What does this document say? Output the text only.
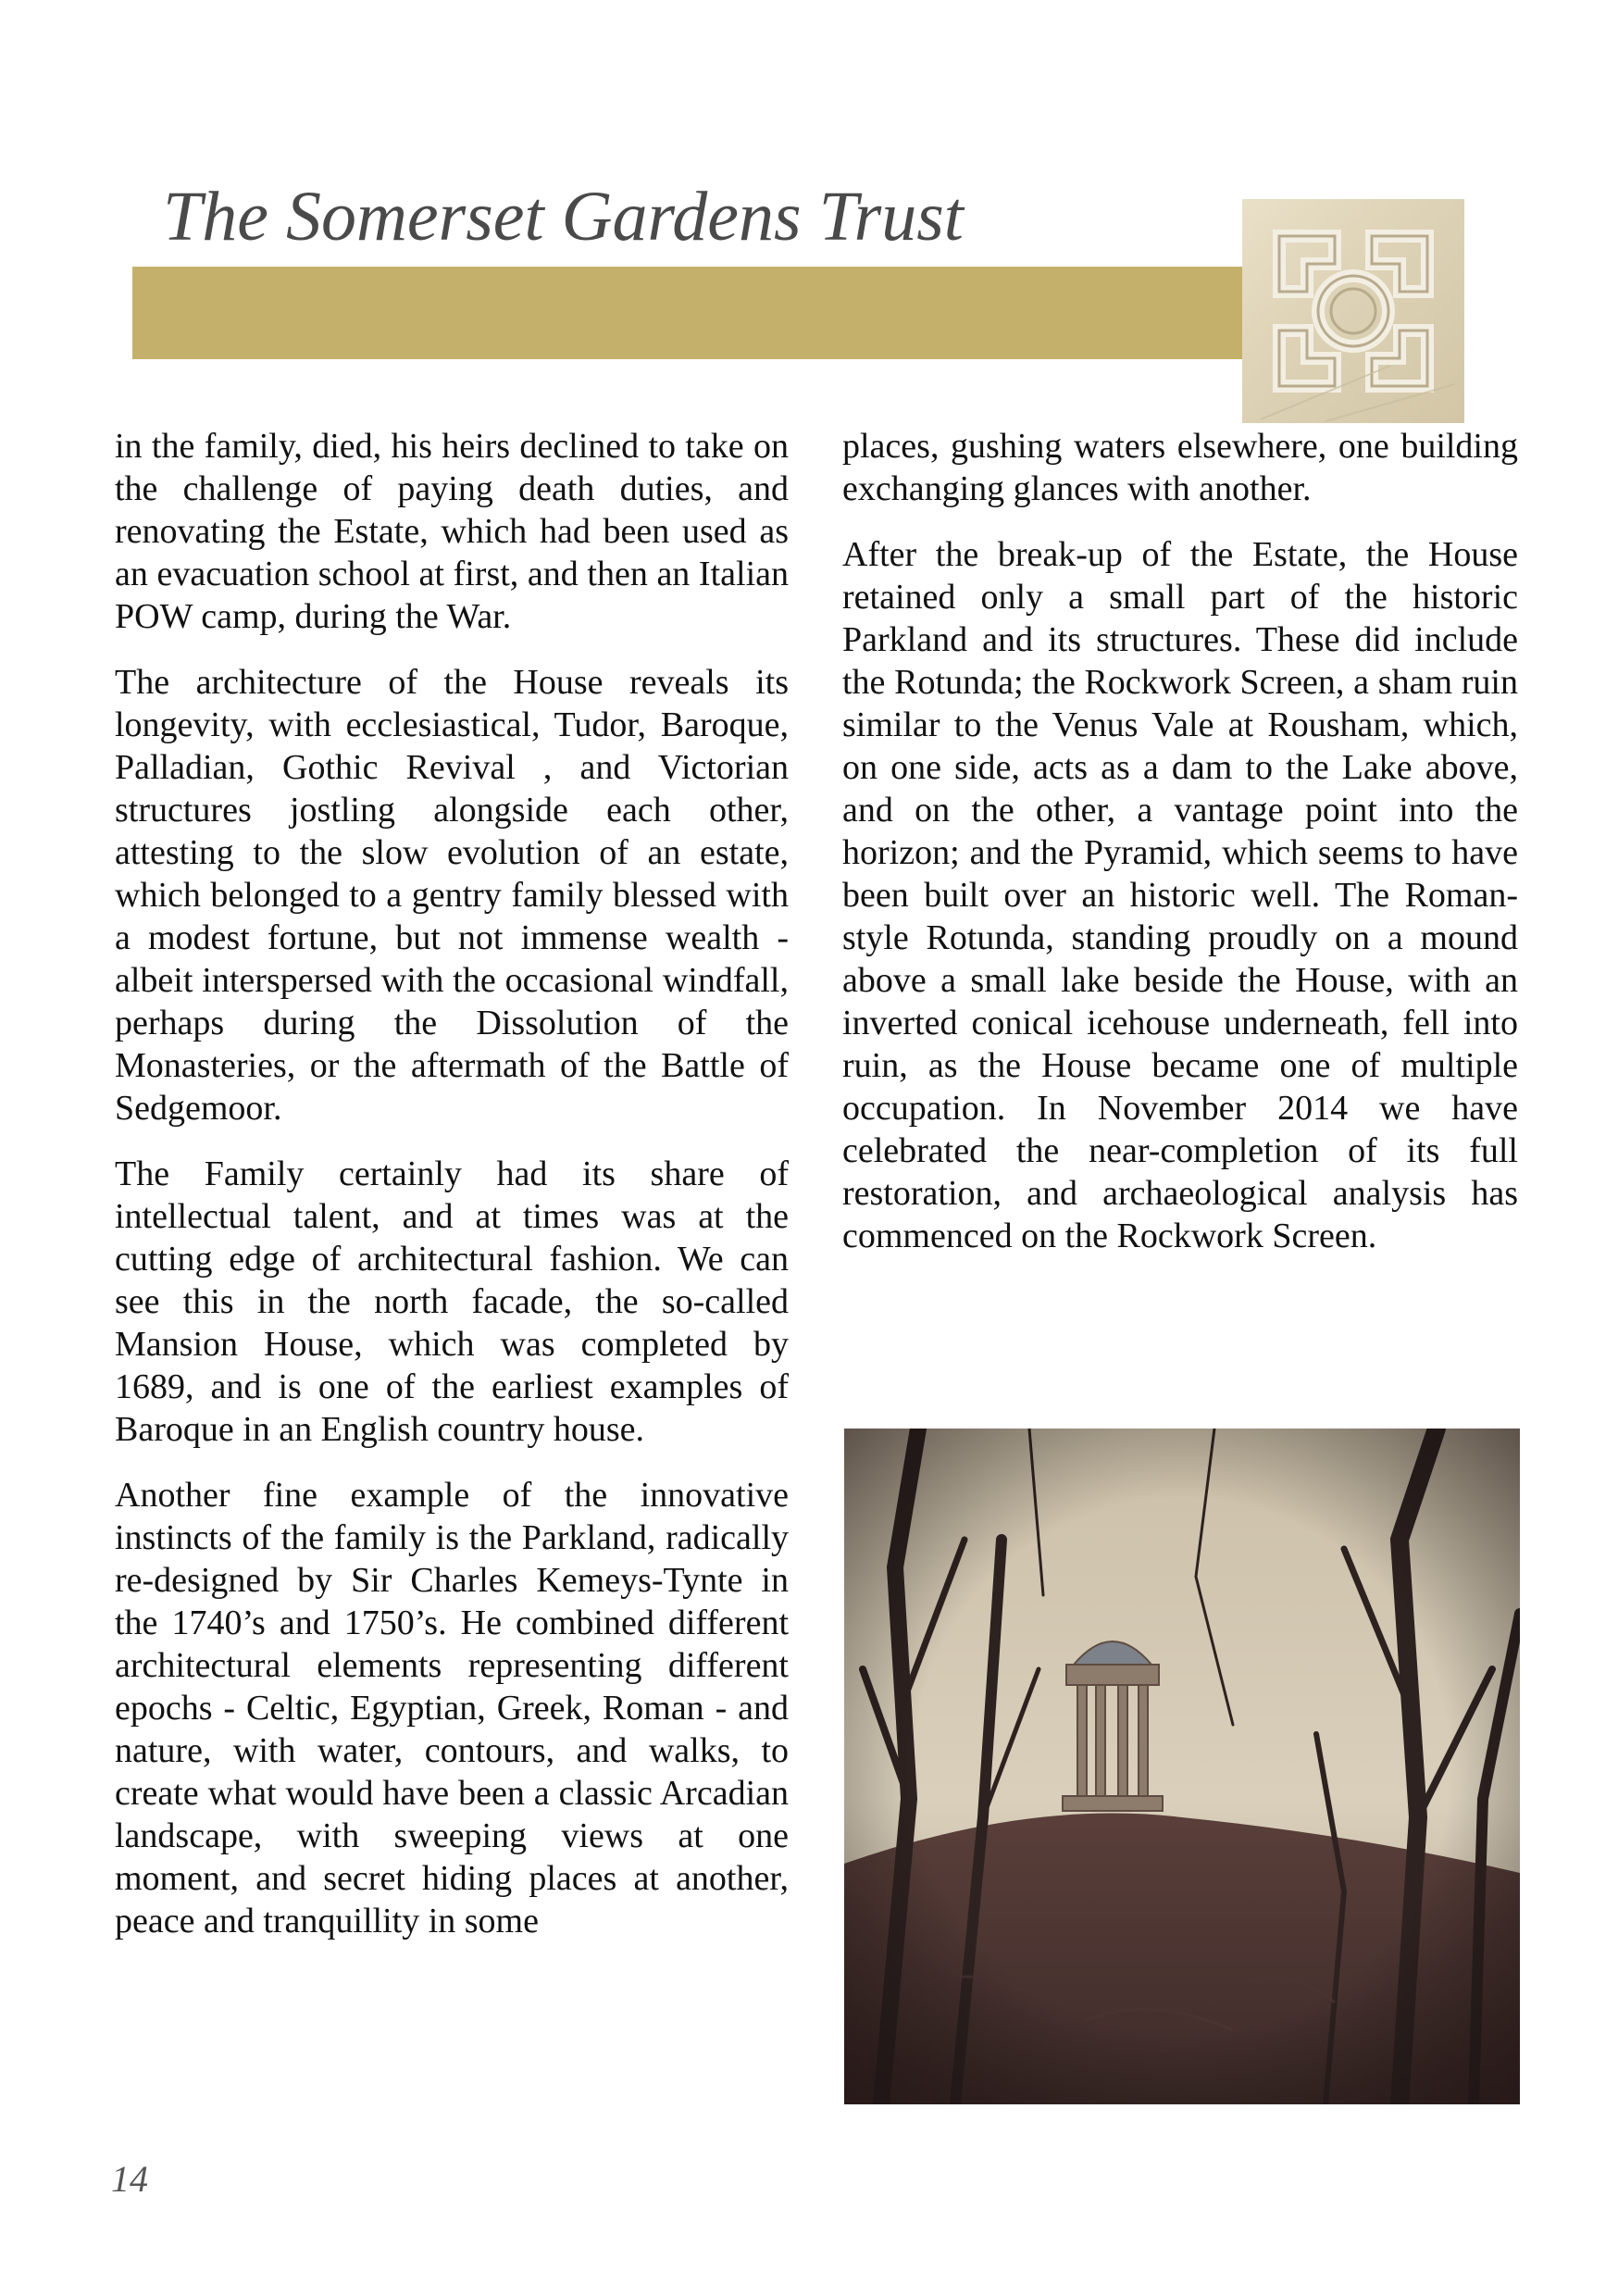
The Somerset Gardens Trust

in the family, died, his heirs declined to take on the challenge of paying death duties, and renovating the Estate, which had been used as an evacuation school at first, and then an Italian POW camp, during the War.

The architecture of the House reveals its longevity, with ecclesiastical, Tudor, Baroque, Palladian, Gothic Revival , and Victorian structures jostling alongside each other, attesting to the slow evolution of an estate, which belonged to a gentry family blessed with a modest fortune, but not immense wealth - albeit interspersed with the occasional windfall, perhaps during the Dissolution of the Monasteries, or the aftermath of the Battle of Sedgemoor.

The Family certainly had its share of intellectual talent, and at times was at the cutting edge of architectural fashion. We can see this in the north facade, the so-called Mansion House, which was completed by 1689, and is one of the earliest examples of Baroque in an English country house.

Another fine example of the innovative instincts of the family is the Parkland, radically re-designed by Sir Charles Kemeys-Tynte in the 1740’s and 1750’s. He combined different architectural elements representing different epochs - Celtic, Egyptian, Greek, Roman - and nature, with water, contours, and walks, to create what would have been a classic Arcadian landscape, with sweeping views at one moment, and secret hiding places at another, peace and tranquillity in some

places, gushing waters elsewhere, one building exchanging glances with another.

After the break-up of the Estate, the House retained only a small part of the historic Parkland and its structures. These did include the Rotunda; the Rockwork Screen, a sham ruin similar to the Venus Vale at Rousham, which, on one side, acts as a dam to the Lake above, and on the other, a vantage point into the horizon; and the Pyramid, which seems to have been built over an historic well. The Roman-style Rotunda, standing proudly on a mound above a small lake beside the House, with an inverted conical icehouse underneath, fell into ruin, as the House became one of multiple occupation. In November 2014 we have celebrated the near-completion of its full restoration, and archaeological analysis has commenced on the Rockwork Screen.

14
